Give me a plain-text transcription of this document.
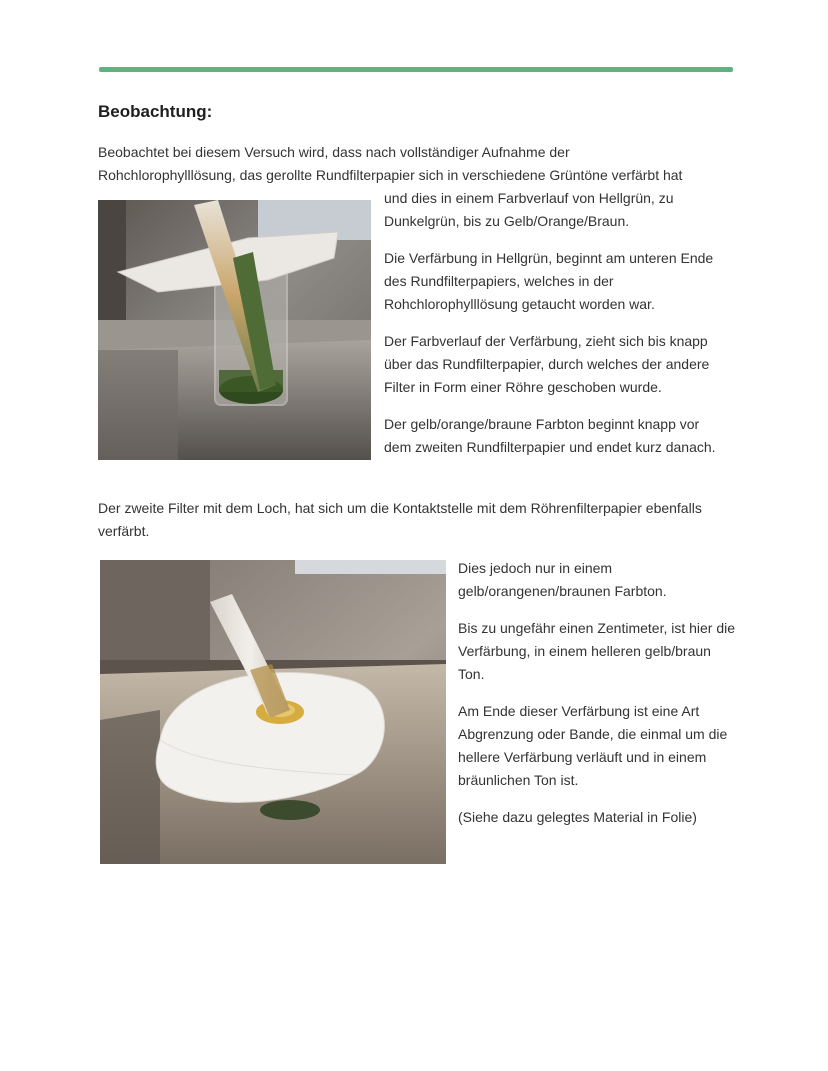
Beobachtung:

Beobachtet bei diesem Versuch wird, dass nach vollständiger Aufnahme der

Rohchlorophylllösung, das gerollte Rundfilterpapier sich in verschiedene Grüntöne verfärbt hat

und dies in einem Farbverlauf von Hellgrün, zu Dunkelgrün, bis zu Gelb/Orange/Braun.

Die Verfärbung in Hellgrün, beginnt am unteren Ende des Rundfilterpapiers, welches in der Rohchlorophylllösung getaucht worden war.

Der Farbverlauf der Verfärbung, zieht sich bis knapp über das Rundfilterpapier, durch welches der andere Filter in Form einer Röhre geschoben wurde.

Der gelb/orange/braune Farbton beginnt knapp vor dem zweiten Rundfilterpapier und endet kurz danach.

Der zweite Filter mit dem Loch, hat sich um die Kontaktstelle mit dem Röhrenfilterpapier ebenfalls verfärbt.

Dies jedoch nur in einem gelb/orangenen/braunen Farbton.

Bis zu ungefähr einen Zentimeter, ist hier die Verfärbung, in einem helleren gelb/braun Ton.

Am Ende dieser Verfärbung ist eine Art Abgrenzung oder Bande, die einmal um die hellere Verfärbung verläuft und in einem bräunlichen Ton ist.

(Siehe dazu gelegtes Material in Folie)
